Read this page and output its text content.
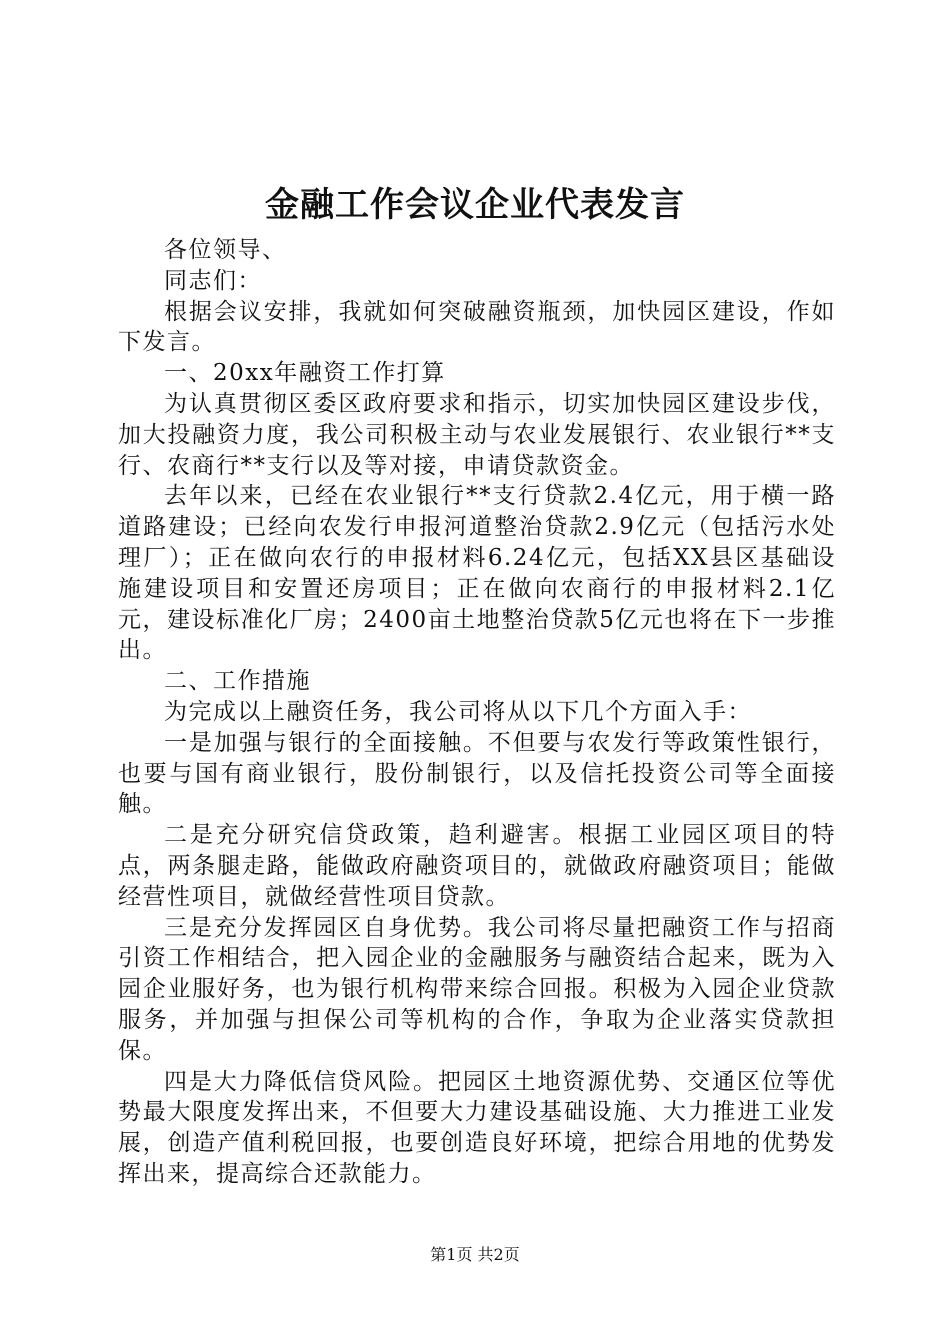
金融工作会议企业代表发言

各位领导、

同志们：

根据会议安排，我就如何突破融资瓶颈，加快园区建设，作如下发言。

一、20xx年融资工作打算

为认真贯彻区委区政府要求和指示，切实加快园区建设步伐，加大投融资力度，我公司积极主动与农业发展银行、农业银行**支行、农商行**支行以及等对接，申请贷款资金。

去年以来，已经在农业银行**支行贷款2.4亿元，用于横一路道路建设；已经向农发行申报河道整治贷款2.9亿元（包括污水处理厂）；正在做向农行的申报材料6.24亿元，包括XX县区基础设施建设项目和安置还房项目；正在做向农商行的申报材料2.1亿元，建设标准化厂房；2400亩土地整治贷款5亿元也将在下一步推出。

二、工作措施

为完成以上融资任务，我公司将从以下几个方面入手：

一是加强与银行的全面接触。不但要与农发行等政策性银行，也要与国有商业银行，股份制银行，以及信托投资公司等全面接触。

二是充分研究信贷政策，趋利避害。根据工业园区项目的特点，两条腿走路，能做政府融资项目的，就做政府融资项目；能做经营性项目，就做经营性项目贷款。

三是充分发挥园区自身优势。我公司将尽量把融资工作与招商引资工作相结合，把入园企业的金融服务与融资结合起来，既为入园企业服好务，也为银行机构带来综合回报。积极为入园企业贷款服务，并加强与担保公司等机构的合作，争取为企业落实贷款担保。

四是大力降低信贷风险。把园区土地资源优势、交通区位等优势最大限度发挥出来，不但要大力建设基础设施、大力推进工业发展，创造产值利税回报，也要创造良好环境，把综合用地的优势发挥出来，提高综合还款能力。

第1页 共2页
